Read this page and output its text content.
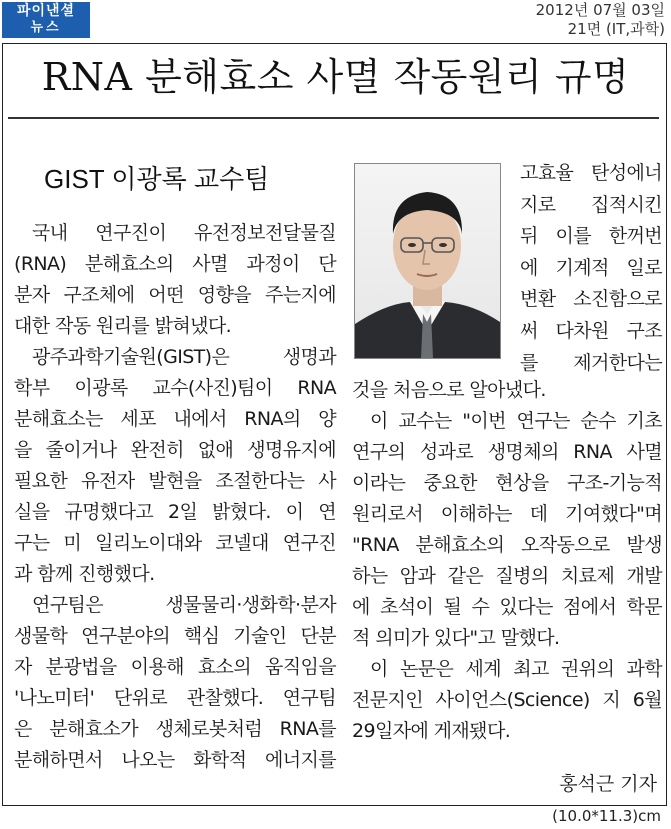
파이낸셜
뉴스
2012년 07월 03일
21면 (IT,과학)
RNA 분해효소 사멸 작동원리 규명
GIST 이광록 교수팀

국내 연구진이 유전정보전달물질

(RNA) 분해효소의 사멸 과정이 단

분자 구조체에 어떤 영향을 주는지에

대한 작동 원리를 밝혀냈다.

광주과학기술원(GIST)은 생명과

학부 이광록 교수(사진)팀이 RNA

분해효소는 세포 내에서 RNA의 양

을 줄이거나 완전히 없애 생명유지에

필요한 유전자 발현을 조절한다는 사

실을 규명했다고 2일 밝혔다. 이 연

구는 미 일리노이대와 코넬대 연구진

과 함께 진행했다.

연구팀은 생물물리·생화학·분자

생물학 연구분야의 핵심 기술인 단분

자 분광법을 이용해 효소의 움직임을

'나노미터' 단위로 관찰했다. 연구팀

은 분해효소가 생체로봇처럼 RNA를

분해하면서 나오는 화학적 에너지를

고효율 탄성에너

지로 집적시킨

뒤 이를 한꺼번

에 기계적 일로

변환 소진함으로

써 다차원 구조

를 제거한다는

것을 처음으로 알아냈다.

이 교수는 "이번 연구는 순수 기초

연구의 성과로 생명체의 RNA 사멸

이라는 중요한 현상을 구조-기능적

원리로서 이해하는 데 기여했다"며

"RNA 분해효소의 오작동으로 발생

하는 암과 같은 질병의 치료제 개발

에 초석이 될 수 있다는 점에서 학문

적 의미가 있다"고 말했다.

이 논문은 세계 최고 권위의 과학

전문지인 사이언스(Science) 지 6월

29일자에 게재됐다.

홍석근 기자
(10.0*11.3)cm
